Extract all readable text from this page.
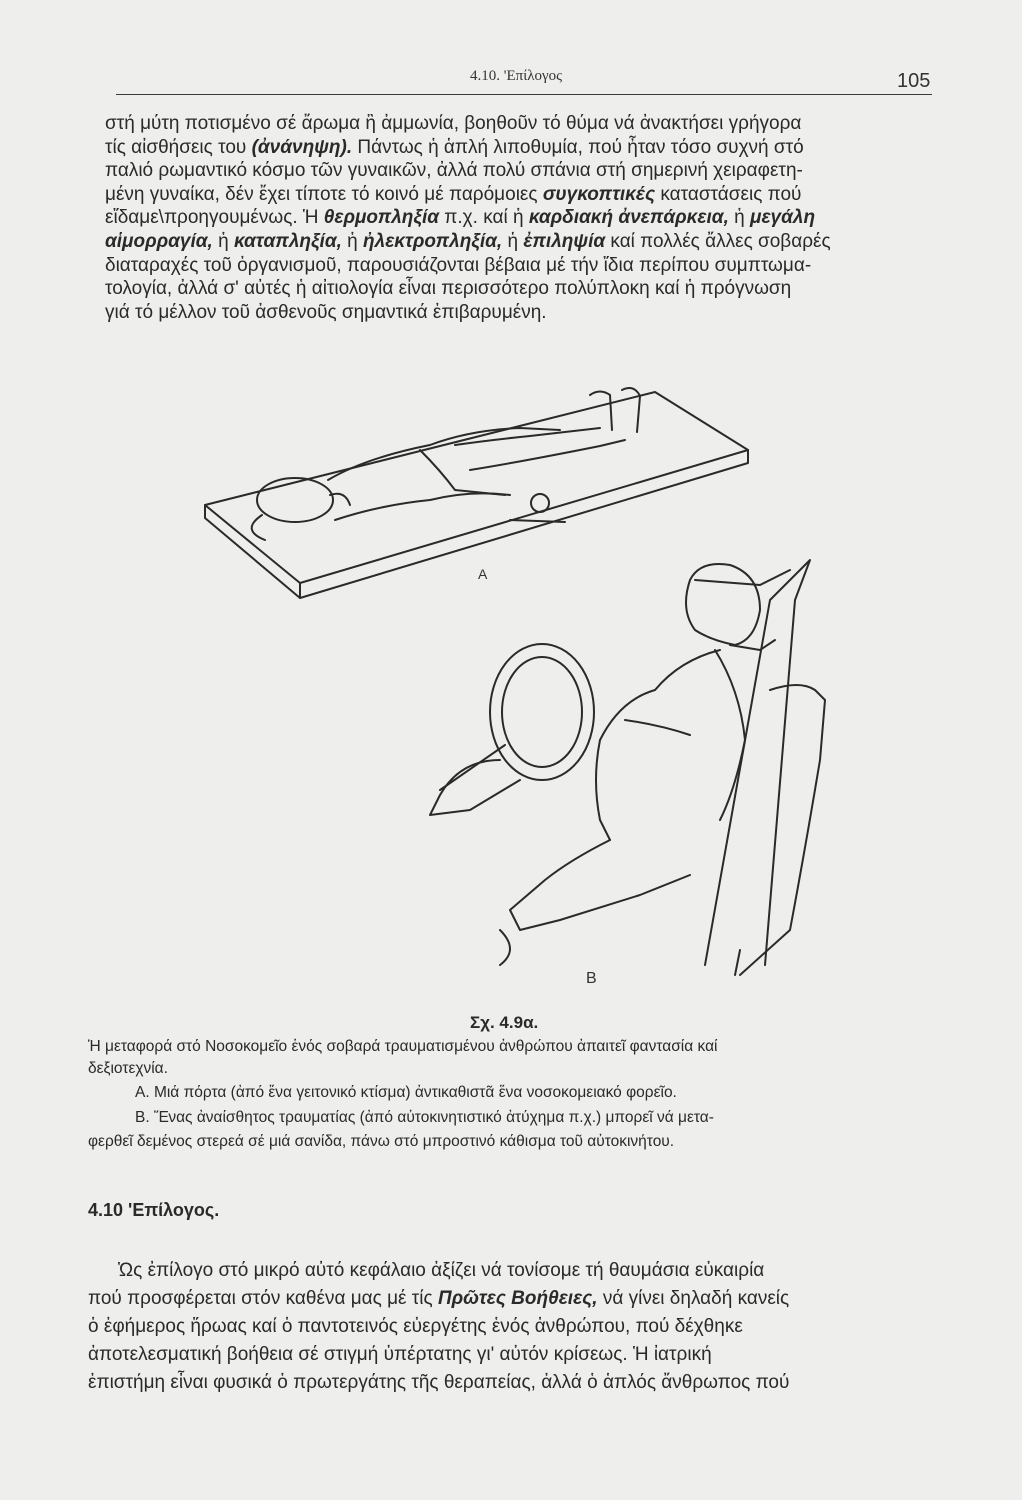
4.10. 'Επίλογος	105
στή μύτη ποτισμένο σέ ἄρωμα ἢ ἀμμωνία, βοηθοῦν τό θύμα νά ἀνακτήσει γρήγορα
τίς αἰσθήσεις του (ἀνάνηψη). Πάντως ἡ ἁπλή λιποθυμία, πού ἦταν τόσο συχνή στό
παλιό ρωμαντικό κόσμο τῶν γυναικῶν, ἀλλά πολύ σπάνια στή σημερινή χειραφετη-
μένη γυναίκα, δέν ἔχει τίποτε τό κοινό μέ παρόμοιες συγκοπτικές καταστάσεις πού
εἴδαμε\προηγουμένως. Ἡ θερμοπληξία π.χ. καί ἡ καρδιακή ἀνεπάρκεια, ἡ μεγάλη
αἱμορραγία, ἡ καταπληξία, ἡ ἠλεκτροπληξία, ἡ ἐπιληψία καί πολλές ἄλλες σοβαρές
διαταραχές τοῦ ὀργανισμοῦ, παρουσιάζονται βέβαια μέ τήν ἴδια περίπου συμπτωμα-
τολογία, ἀλλά σ' αὐτές ἡ αἰτιολογία εἶναι περισσότερο πολύπλοκη καί ἡ πρόγνωση
γιά τό μέλλον τοῦ ἀσθενοῦς σημαντικά ἐπιβαρυμένη.
Α
Β
Σχ. 4.9α.
Ἡ μεταφορά στό Νοσοκομεῖο ἑνός σοβαρά τραυματισμένου ἀνθρώπου ἀπαιτεῖ φαντασία καί
δεξιοτεχνία.
Α. Μιά πόρτα (ἀπό ἕνα γειτονικό κτίσμα) ἀντικαθιστᾶ ἕνα νοσοκομειακό φορεῖο.
Β. Ἕνας ἀναίσθητος τραυματίας (ἀπό αὐτοκινητιστικό ἀτύχημα π.χ.) μπορεῖ νά μετα-
φερθεῖ δεμένος στερεά σέ μιά σανίδα, πάνω στό μπροστινό κάθισμα τοῦ αὐτοκινήτου.
4.10 'Επίλογος.
Ὡς ἐπίλογο στό μικρό αὐτό κεφάλαιο ἀξίζει νά τονίσομε τή θαυμάσια εὐκαιρία
πού προσφέρεται στόν καθένα μας μέ τίς Πρῶτες Βοήθειες, νά γίνει δηλαδή κανείς
ὁ ἐφήμερος ἥρωας καί ὁ παντοτεινός εὐεργέτης ἑνός ἀνθρώπου, πού δέχθηκε
ἀποτελεσματική βοήθεια σέ στιγμή ὑπέρτατης γι' αὐτόν κρίσεως. Ἡ ἰατρική
ἐπιστήμη εἶναι φυσικά ὁ πρωτεργάτης τῆς θεραπείας, ἀλλά ὁ ἁπλός ἄνθρωπος πού
